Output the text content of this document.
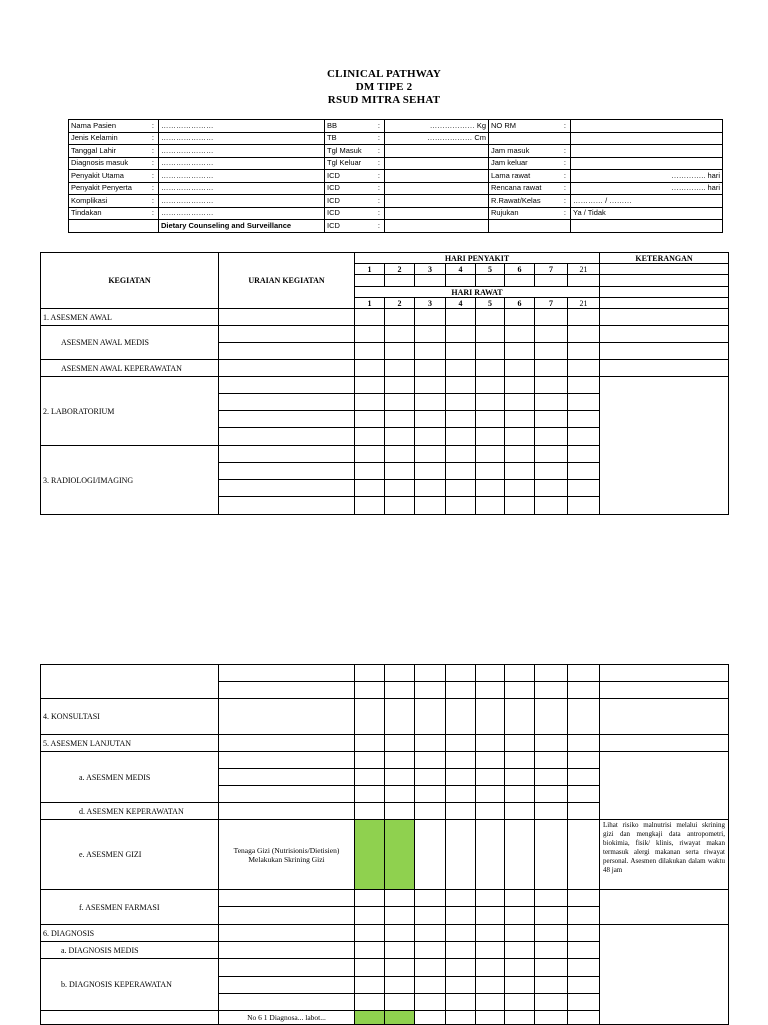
CLINICAL PATHWAY
DM TIPE 2
RSUD MITRA SEHAT
Nama Pasien :	…………………	BB :	……………… Kg	NO RM :	

Jenis Kelamin :	…………………	TB :	……………… Cm		
Tanggal Lahir :	…………………	Tgl Masuk :		Jam masuk :	

Diagnosis masuk :	…………………	Tgl Keluar :		Jam keluar :	

Penyakit Utama :	…………………	ICD :		Lama rawat :	………….. hari
Penyakit Penyerta :	…………………	ICD :		Rencana rawat :	………….. hari
Komplikasi :	…………………	ICD :		R.Rawat/Kelas :	………… / ………
Tindakan :	…………………	ICD :		Rujukan :	Ya / Tidak
	Dietary Counseling and Surveillance	ICD :			

KEGIATAN	URAIAN KEGIATAN	HARI PENYAKIT								KETERANGAN
		1	2	3	4	5	6	7	21	

		HARI RAWAT								
		1	2	3	4	5	6	7	21	
1. ASESMEN AWAL										
ASESMEN AWAL MEDIS										

ASESMEN AWAL KEPERAWATAN										
2. LABORATORIUM										

3. RADIOLOGI/IMAGING										

4. KONSULTASI										
5. ASESMEN LANJUTAN										
a. ASESMEN MEDIS										

d. ASESMEN KEPERAWATAN										
e. ASESMEN GIZI	Tenaga Gizi (Nutrisionis/Dietisien) Melakukan Skrining Gizi									Lihat risiko malnutrisi melalui skrining gizi dan mengkaji data antropometri, biokimia, fisik/ klinis, riwayat makan termasuk alergi makanan serta riwayat personal. Asesmen dilakukan dalam waktu 48 jam
f. ASESMEN FARMASI										

6. DIAGNOSIS										
a. DIAGNOSIS MEDIS										
b. DIAGNOSIS KEPERAWATAN										

	No 6 1 Diagnosa... labot...									
